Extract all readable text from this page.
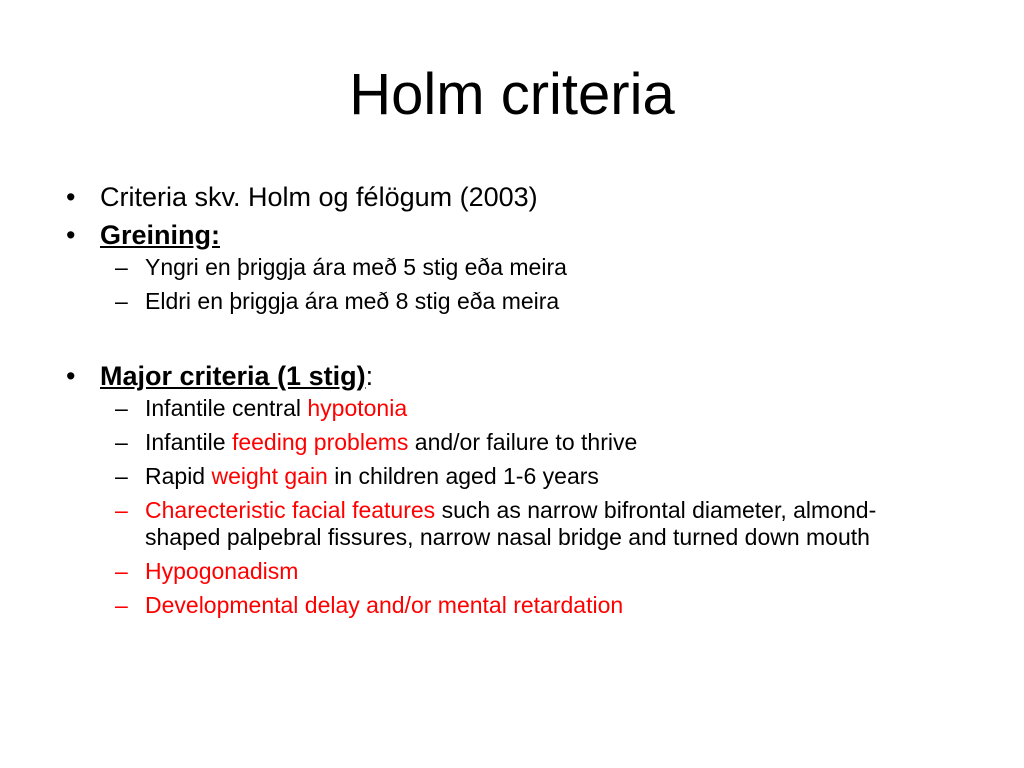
Holm criteria
• Criteria skv. Holm og félögum (2003)
• Greining:
– Yngri en þriggja ára með 5 stig eða meira
– Eldri en þriggja ára með 8 stig eða meira
• Major criteria (1 stig):
– Infantile central hypotonia
– Infantile feeding problems and/or failure to thrive
– Rapid weight gain in children aged 1-6 years
– Charecteristic facial features such as narrow bifrontal diameter, almond-shaped palpebral fissures, narrow nasal bridge and turned down mouth
– Hypogonadism
– Developmental delay and/or mental retardation
